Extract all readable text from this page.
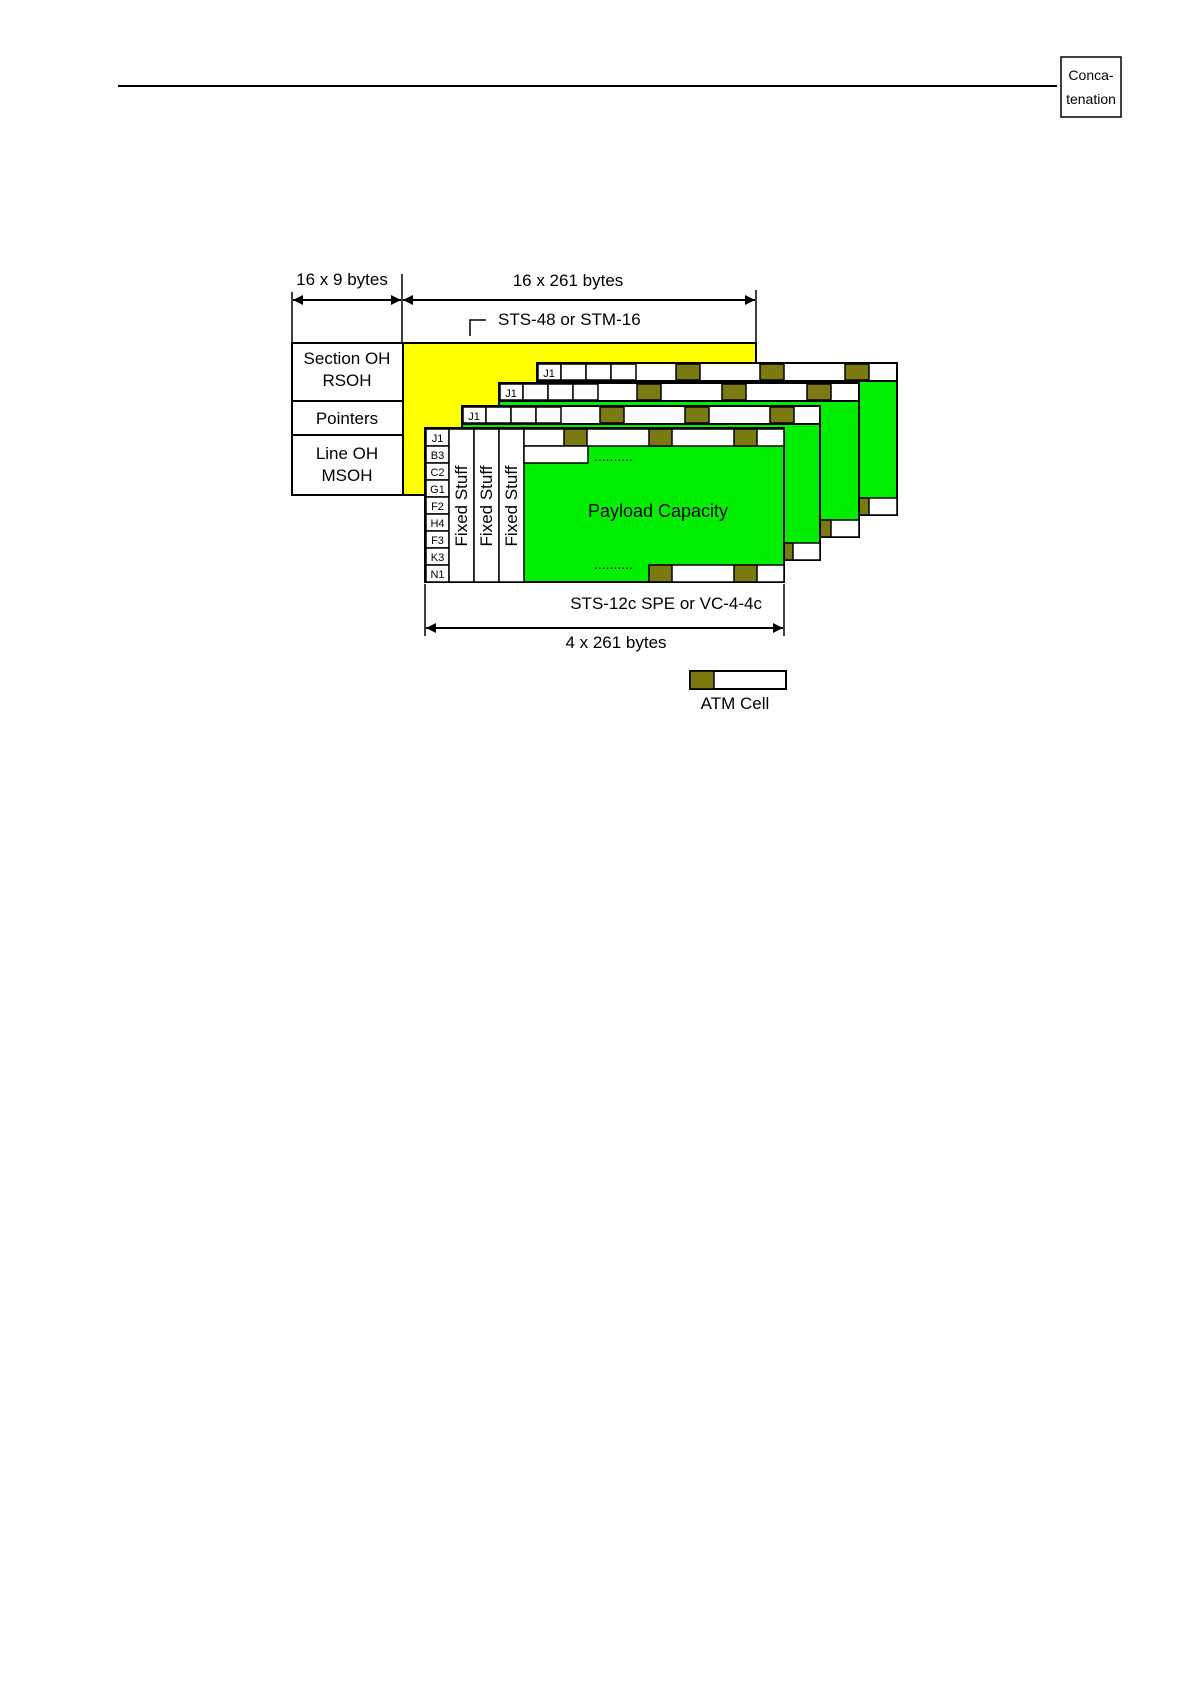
Conca-
tenation
16 x 9 bytes	16 x 261 bytes
STS-48 or STM-16
Section OH
RSOH
Pointers
Line OH
MSOH
J1
J1
J1
J1
B3
C2
G1
F2
H4
F3
K3
N1
Fixed Stuff Fixed Stuff Fixed Stuff
..........
Payload Capacity
..........
STS-12c SPE or VC-4-4c
4 x 261 bytes
ATM Cell
